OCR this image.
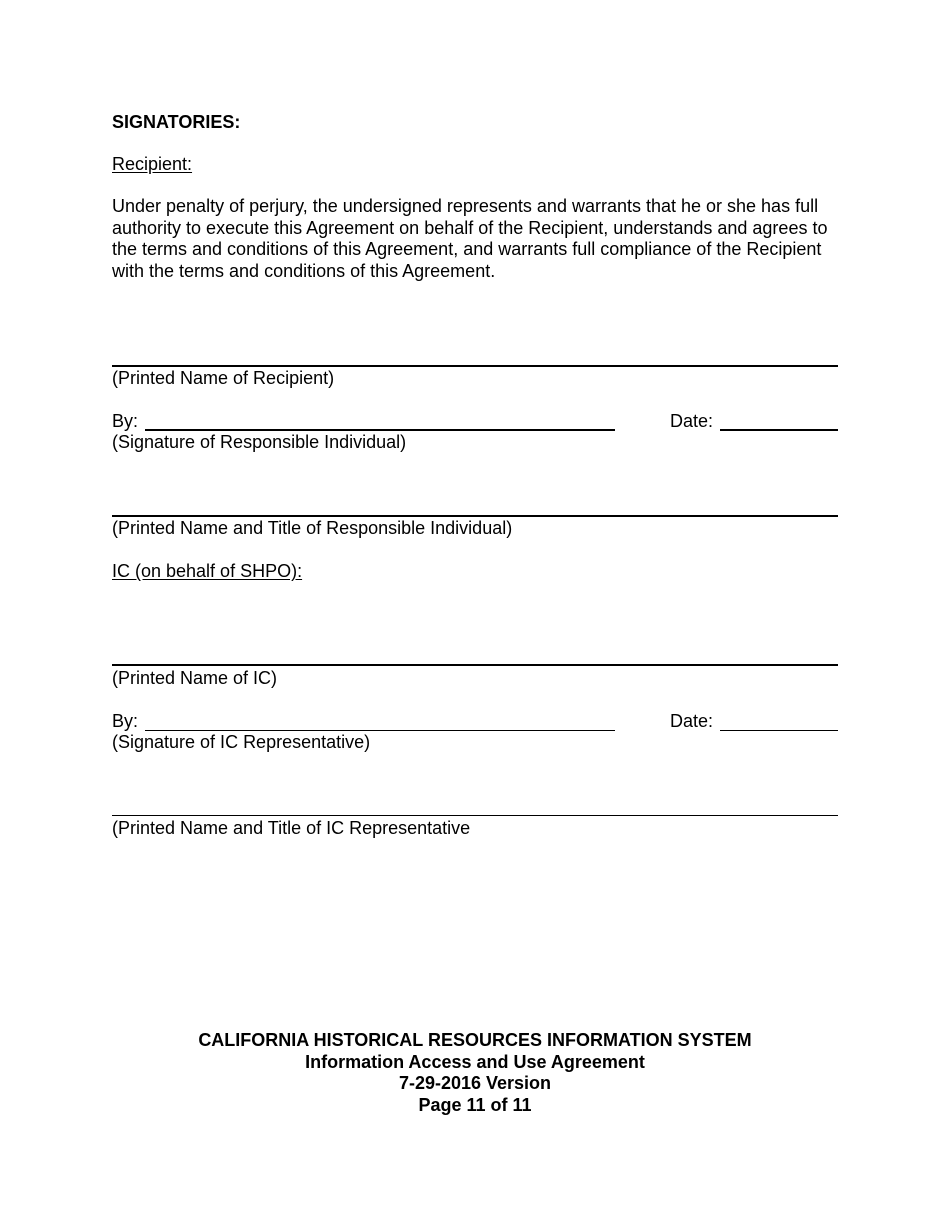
SIGNATORIES:
Recipient:
Under penalty of perjury, the undersigned represents and warrants that he or she has full authority to execute this Agreement on behalf of the Recipient, understands and agrees to the terms and conditions of this Agreement, and warrants full compliance of the Recipient with the terms and conditions of this Agreement.
(Printed Name of Recipient)
By:	Date:
(Signature of Responsible Individual)
(Printed Name and Title of Responsible Individual)
IC (on behalf of SHPO):
(Printed Name of IC)
By:	Date:
(Signature of IC Representative)
(Printed Name and Title of IC Representative
CALIFORNIA HISTORICAL RESOURCES INFORMATION SYSTEM
Information Access and Use Agreement
7-29-2016 Version
Page 11 of 11
